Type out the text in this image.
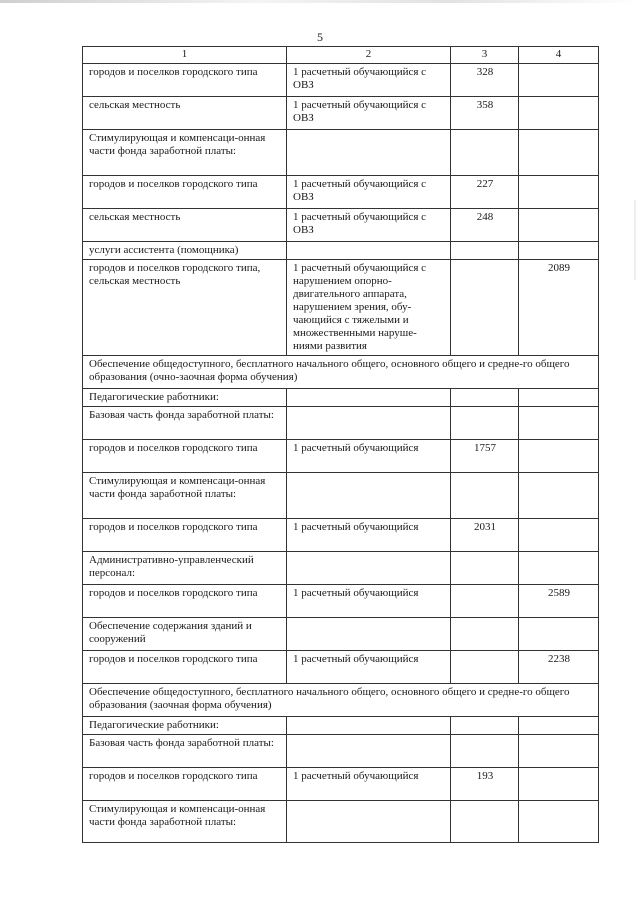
5
1	2	3	4
городов и поселков городского типа	1 расчетный обучающийся с ОВЗ	328	
сельская местность	1 расчетный обучающийся с ОВЗ	358	
Стимулирующая и компенсаци-онная части фонда заработной платы:			
городов и поселков городского типа	1 расчетный обучающийся с ОВЗ	227	
сельская местность	1 расчетный обучающийся с ОВЗ	248	
услуги ассистента (помощника)			
городов и поселков городского типа, сельская местность	1 расчетный обучающийся с нарушением опорно-двигательного аппарата, нарушением зрения, обу-чающийся с тяжелыми и множественными наруше-ниями развития		2089
Обеспечение общедоступного, бесплатного начального общего, основного общего и средне-го общего образования (очно-заочная форма обучения)			
Педагогические работники:			
Базовая часть фонда заработной платы:			
городов и поселков городского типа	1 расчетный обучающийся	1757	
Стимулирующая и компенсаци-онная части фонда заработной платы:			
городов и поселков городского типа	1 расчетный обучающийся	2031	
Административно-управленческий персонал:			
городов и поселков городского типа	1 расчетный обучающийся		2589
Обеспечение содержания зданий и сооружений			
городов и поселков городского типа	1 расчетный обучающийся		2238
Обеспечение общедоступного, бесплатного начального общего, основного общего и средне-го общего образования (заочная форма обучения)			
Педагогические работники:			
Базовая часть фонда заработной платы:			
городов и поселков городского типа	1 расчетный обучающийся	193	
Стимулирующая и компенсаци-онная части фонда заработной платы:			
